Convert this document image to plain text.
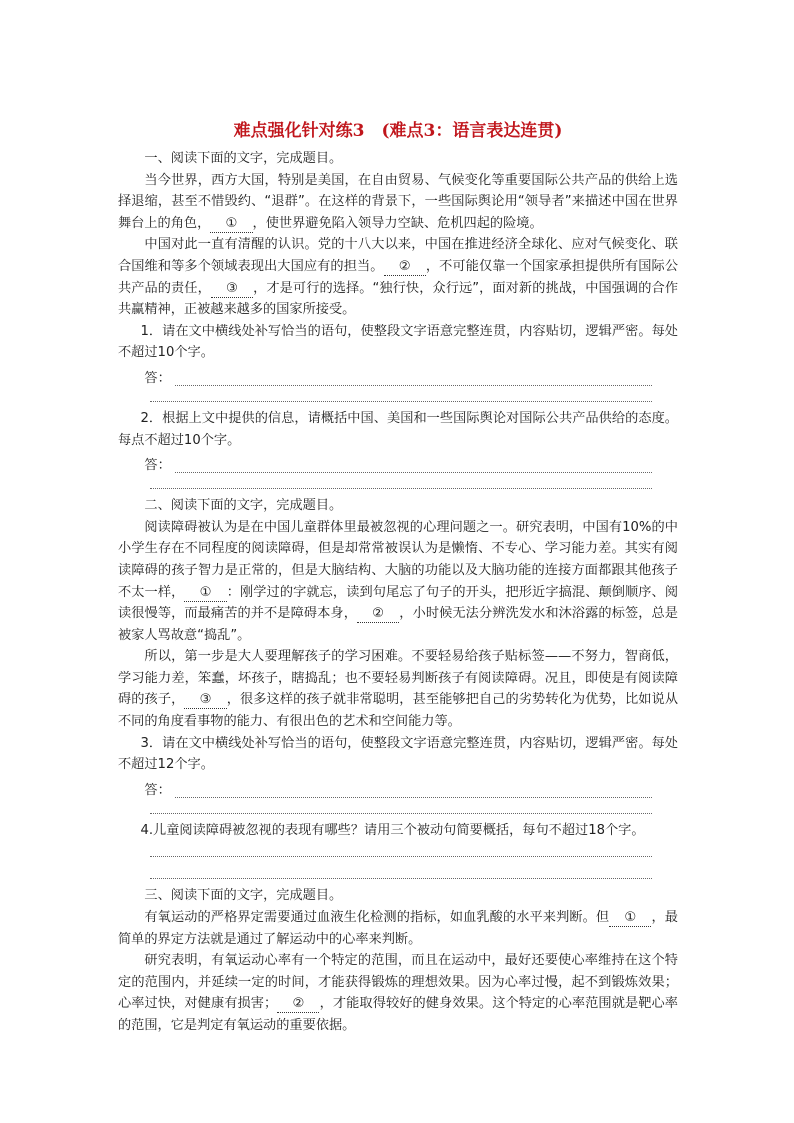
难点强化针对练3　(难点3：语言表达连贯)

一、阅读下面的文字，完成题目。

当今世界，西方大国，特别是美国，在自由贸易、气候变化等重要国际公共产品的供给上选择退缩，甚至不惜毁约、“退群”。在这样的背景下，一些国际舆论用“领导者”来描述中国在世界舞台上的角色， ① ，使世界避免陷入领导力空缺、危机四起的险境。

中国对此一直有清醒的认识。党的十八大以来，中国在推进经济全球化、应对气候变化、联合国维和等多个领域表现出大国应有的担当。 ② ，不可能仅靠一个国家承担提供所有国际公共产品的责任， ③ ，才是可行的选择。“独行快，众行远”，面对新的挑战，中国强调的合作共赢精神，正被越来越多的国家所接受。

1．请在文中横线处补写恰当的语句，使整段文字语意完整连贯，内容贴切，逻辑严密。每处不超过10个字。

答：

2．根据上文中提供的信息，请概括中国、美国和一些国际舆论对国际公共产品供给的态度。每点不超过10个字。

答：

二、阅读下面的文字，完成题目。

阅读障碍被认为是在中国儿童群体里最被忽视的心理问题之一。研究表明，中国有10%的中小学生存在不同程度的阅读障碍，但是却常常被误认为是懒惰、不专心、学习能力差。其实有阅读障碍的孩子智力是正常的，但是大脑结构、大脑的功能以及大脑功能的连接方面都跟其他孩子不太一样， ① ：刚学过的字就忘，读到句尾忘了句子的开头，把形近字搞混、颠倒顺序、阅读很慢等，而最痛苦的并不是障碍本身， ② ，小时候无法分辨洗发水和沐浴露的标签，总是被家人骂故意“捣乱”。

所以，第一步是大人要理解孩子的学习困难。不要轻易给孩子贴标签——不努力，智商低，学习能力差，笨蠢，坏孩子，瞎捣乱；也不要轻易判断孩子有阅读障碍。况且，即使是有阅读障碍的孩子， ③ ，很多这样的孩子就非常聪明，甚至能够把自己的劣势转化为优势，比如说从不同的角度看事物的能力、有很出色的艺术和空间能力等。

3．请在文中横线处补写恰当的语句，使整段文字语意完整连贯，内容贴切，逻辑严密。每处不超过12个字。

答：

4.儿童阅读障碍被忽视的表现有哪些？请用三个被动句简要概括，每句不超过18个字。

三、阅读下面的文字，完成题目。

有氧运动的严格界定需要通过血液生化检测的指标，如血乳酸的水平来判断。但 ① ，最简单的界定方法就是通过了解运动中的心率来判断。

研究表明，有氧运动心率有一个特定的范围，而且在运动中，最好还要使心率维持在这个特定的范围内，并延续一定的时间，才能获得锻炼的理想效果。因为心率过慢，起不到锻炼效果；心率过快，对健康有损害； ② ，才能取得较好的健身效果。这个特定的心率范围就是靶心率的范围，它是判定有氧运动的重要依据。
